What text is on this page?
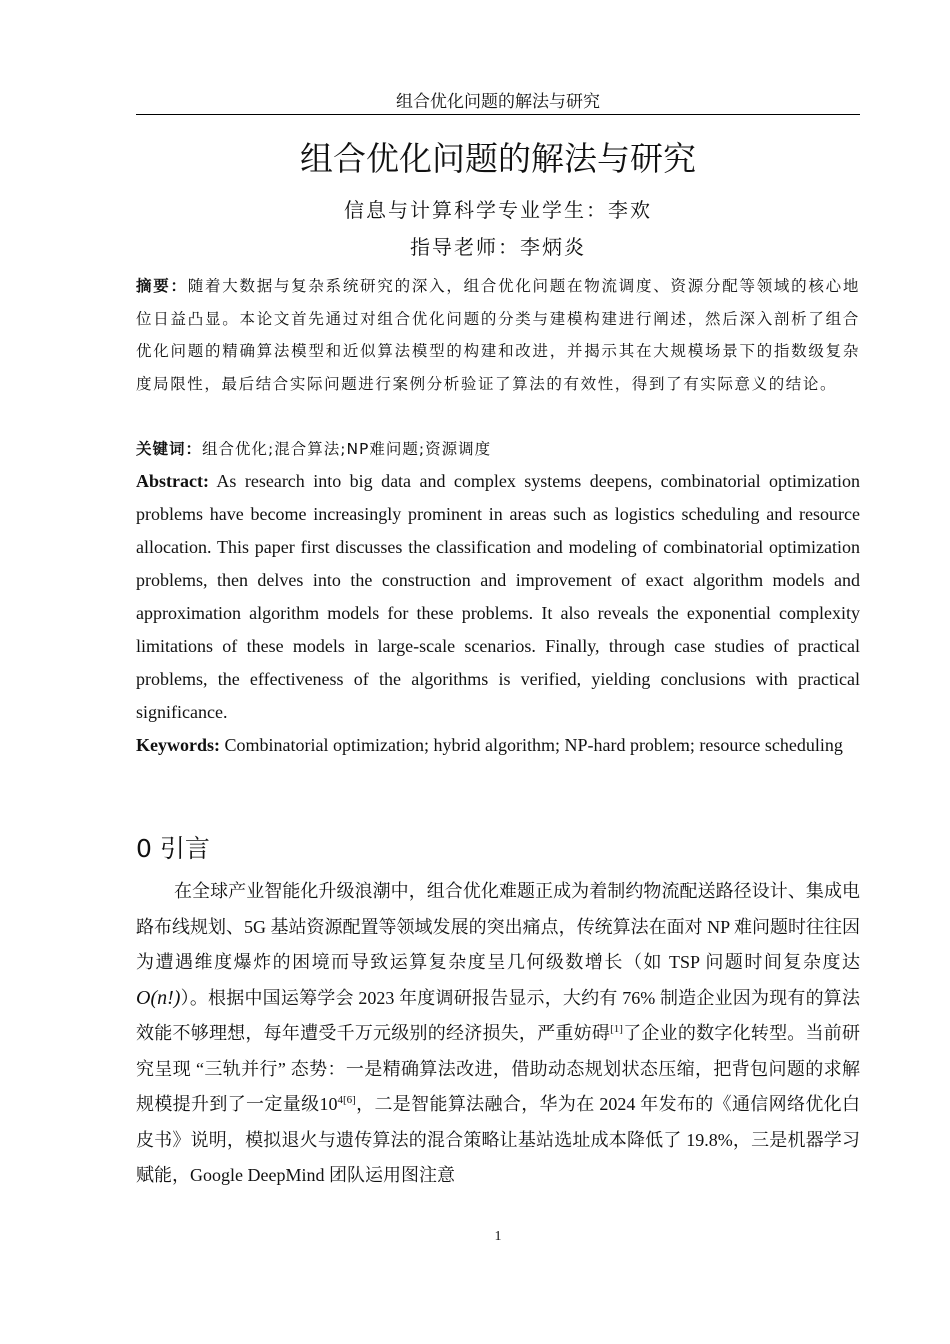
组合优化问题的解法与研究
组合优化问题的解法与研究
信息与计算科学专业学生：李欢
指导老师：李炳炎

摘要：随着大数据与复杂系统研究的深入，组合优化问题在物流调度、资源分配等领域的核心地位日益凸显。本论文首先通过对组合优化问题的分类与建模构建进行阐述，然后深入剖析了组合优化问题的精确算法模型和近似算法模型的构建和改进，并揭示其在大规模场景下的指数级复杂度局限性，最后结合实际问题进行案例分析验证了算法的有效性，得到了有实际意义的结论。

关键词：组合优化;混合算法;NP难问题;资源调度

Abstract: As research into big data and complex systems deepens, combinatorial optimization problems have become increasingly prominent in areas such as logistics scheduling and resource allocation. This paper first discusses the classification and modeling of combinatorial optimization problems, then delves into the construction and improvement of exact algorithm models and approximation algorithm models for these problems. It also reveals the exponential complexity limitations of these models in large-scale scenarios. Finally, through case studies of practical problems, the effectiveness of the algorithms is verified, yielding conclusions with practical significance.

Keywords: Combinatorial optimization; hybrid algorithm; NP-hard problem; resource scheduling

0 引言

在全球产业智能化升级浪潮中，组合优化难题正成为着制约物流配送路径设计、集成电路布线规划、5G 基站资源配置等领域发展的突出痛点，传统算法在面对 NP 难问题时往往因为遭遇维度爆炸的困境而导致运算复杂度呈几何级数增长（如 TSP 问题时间复杂度达O(n!)）。根据中国运筹学会 2023 年度调研报告显示，大约有 76% 制造企业因为现有的算法效能不够理想，每年遭受千万元级别的经济损失，严重妨碍[1]了企业的数字化转型。当前研究呈现 “三轨并行” 态势：一是精确算法改进，借助动态规划状态压缩，把背包问题的求解规模提升到了一定量级$10^{4[6]}$，二是智能算法融合，华为在 2024 年发布的《通信网络优化白皮书》说明，模拟退火与遗传算法的混合策略让基站选址成本降低了 19.8%，三是机器学习赋能，Google DeepMind 团队运用图注意

1
